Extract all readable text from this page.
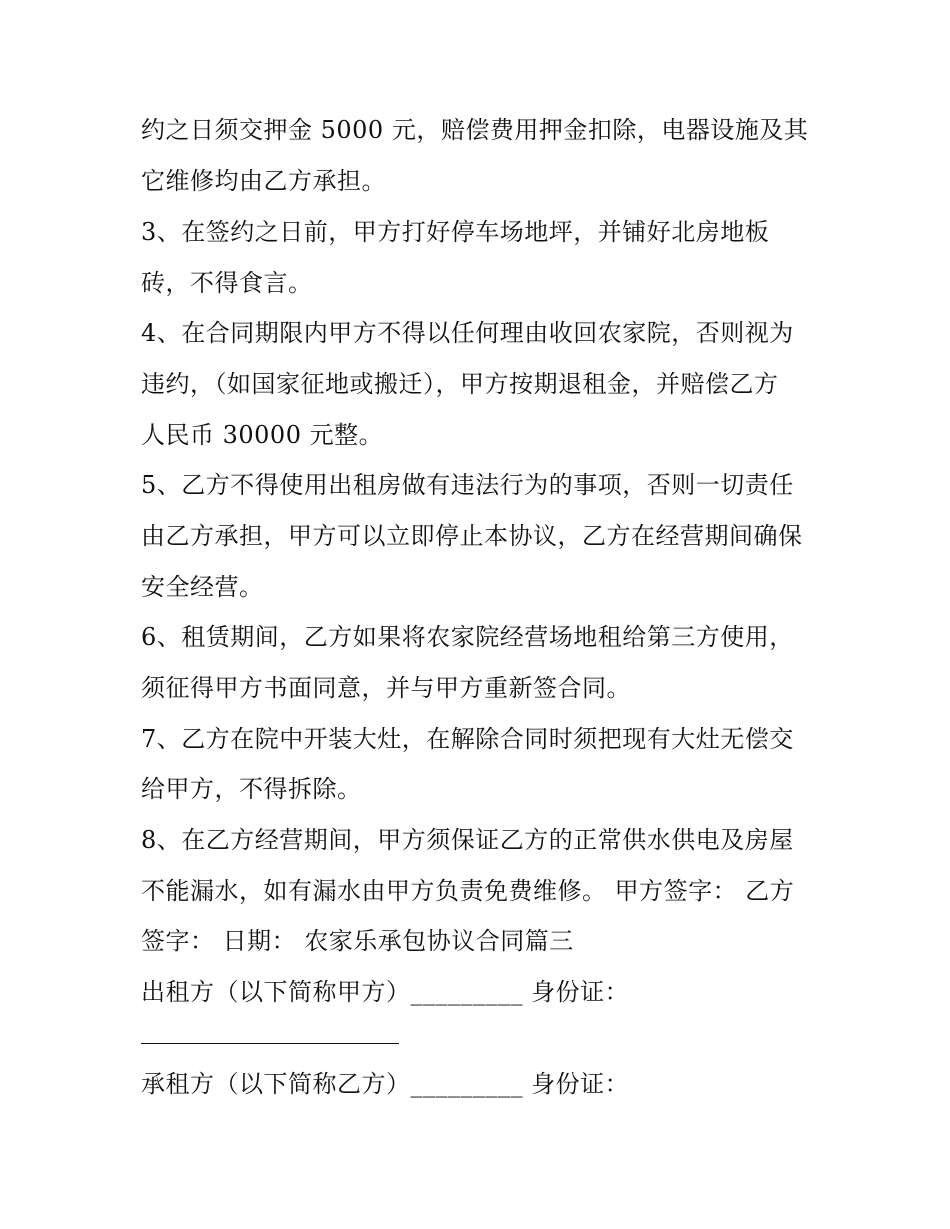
约之日须交押金 5000 元，赔偿费用押金扣除，电器设施及其
它维修均由乙方承担。
3、在签约之日前，甲方打好停车场地坪，并铺好北房地板
砖，不得食言。
4、在合同期限内甲方不得以任何理由收回农家院，否则视为
违约，（如国家征地或搬迁），甲方按期退租金，并赔偿乙方
人民币 30000 元整。
5、乙方不得使用出租房做有违法行为的事项，否则一切责任
由乙方承担，甲方可以立即停止本协议，乙方在经营期间确保
安全经营。
6、租赁期间，乙方如果将农家院经营场地租给第三方使用，
须征得甲方书面同意，并与甲方重新签合同。
7、乙方在院中开装大灶，在解除合同时须把现有大灶无偿交
给甲方，不得拆除。
8、在乙方经营期间，甲方须保证乙方的正常供水供电及房屋
不能漏水，如有漏水由甲方负责免费维修。 甲方签字： 乙方
签字： 日期： 农家乐承包协议合同篇三
出租方（以下简称甲方）_________ 身份证：
承租方（以下简称乙方）_________ 身份证：
